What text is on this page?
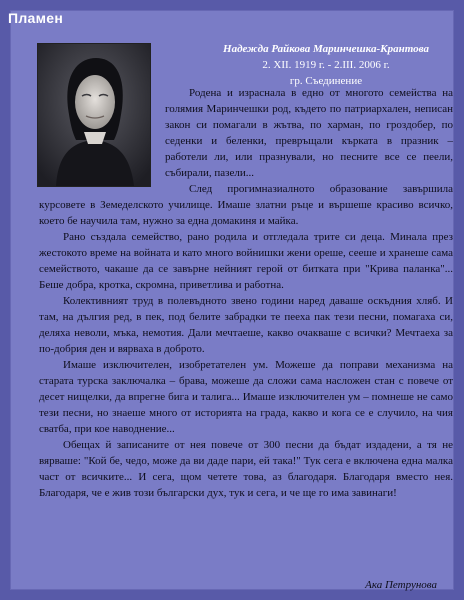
Надежда Райкова Маринчешка-Крантова
2. XII. 1919 г. - 2.III. 2006 г.
гр. Съединение

Родена и израснала в едно от многото семейства на голямия Маринчешки род, където по патриархален, неписан закон си помагали в жътва, по харман, по гроздобер, по седенки и беленки, превръщали кърката в празник – работели ли, или празнували, но песните все се пеели, събирали, пазели...

След прогимназиалното образование завършила курсовете в Земеделското училище. Имаше златни ръце и вършеше красиво всичко, което бе научила там, нужно за една домакиня и майка.

Рано създала семейство, рано родила и отгледала трите си деца. Минала през жестокото време на войната и като много войнишки жени орешe, сееше и хранеше сама семейството, чакаше да се завърне нейният герой от битката при "Крива паланка"... Беше добра, кротка, скромна, приветлива и работна.

Колективният труд в полевъдното звено години наред даваше оскъдния хляб. И там, на дългия ред, в пек, под белите забрадки те пееха пак тези песни, помагаха си, деляха неволи, мъка, немотия. Дали мечтаеше, какво очакваше с всички? Мечтаеха за по-добрия ден и вярваха в доброто.

Имаше изключителен, изобретателен ум. Можеше да поправи механизма на старата турска заключалка – брава, можеше да сложи сама нaсложен стан с повече от десет нищелки, да впрегне бига и талига... Имаше изключителен ум – помнеше не само тези песни, но знаеше много от историята на града, какво и кога се е случило, на чия сватба, при кое наводнение...

Обещах й записаните от нея повече от 300 песни да бъдат издадени, а тя не вярваше: "Кой бе, чедо, може да ви даде пари, ей така!" Тук сега е включена една малка част от всичките... И сега, щом четете това, аз благодаря. Благодаря вместо нея. Благодаря, че е жив този български дух, тук и сега, и че ще го има завинаги!

Ака Петрунова
Пламен
